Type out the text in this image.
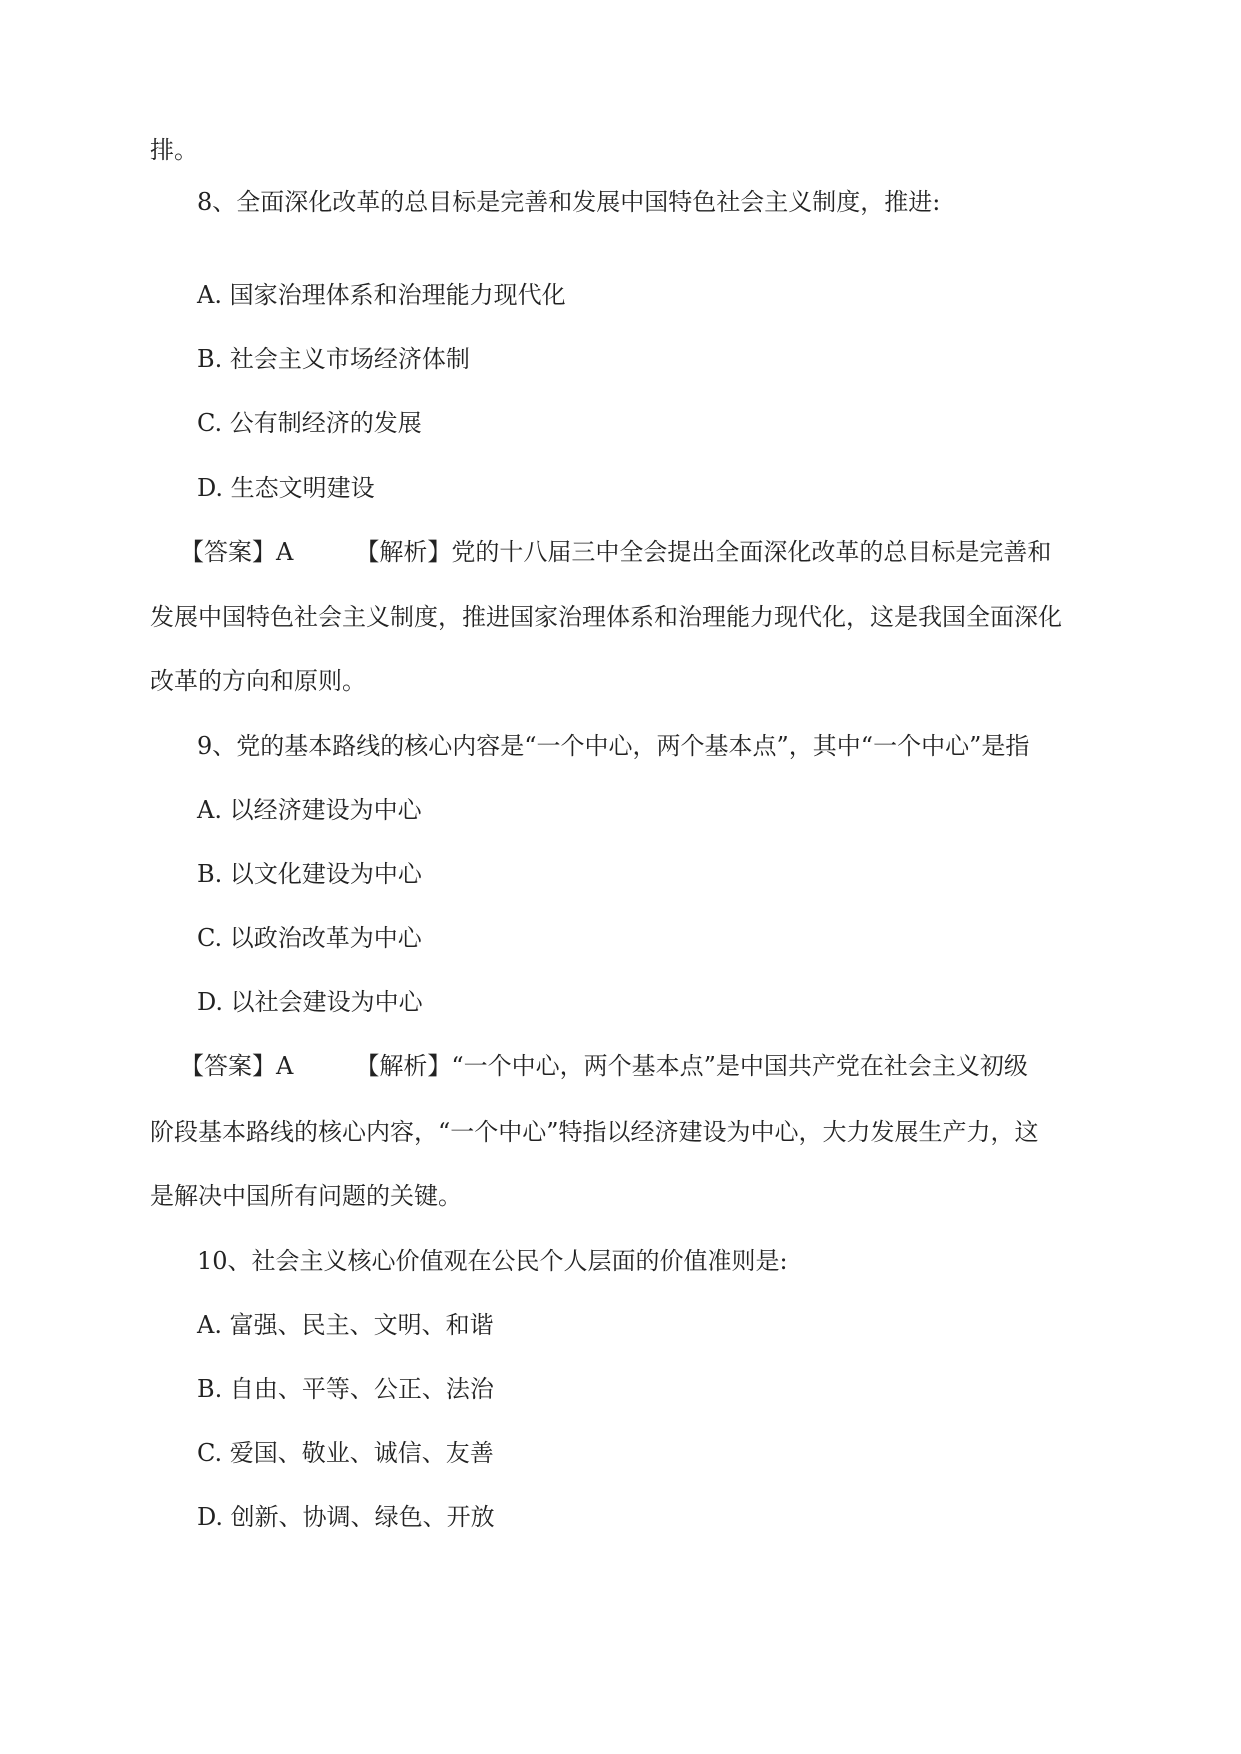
排。
8、全面深化改革的总目标是完善和发展中国特色社会主义制度，推进:
A. 国家治理体系和治理能力现代化
B. 社会主义市场经济体制
C. 公有制经济的发展
D. 生态文明建设
【答案】A	【解析】党的十八届三中全会提出全面深化改革的总目标是完善和
发展中国特色社会主义制度，推进国家治理体系和治理能力现代化，这是我国全面深化
改革的方向和原则。
9、党的基本路线的核心内容是“一个中心，两个基本点”，其中“一个中心”是指
A. 以经济建设为中心
B. 以文化建设为中心
C. 以政治改革为中心
D. 以社会建设为中心
【答案】A	【解析】“一个中心，两个基本点”是中国共产党在社会主义初级
阶段基本路线的核心内容，“一个中心”特指以经济建设为中心，大力发展生产力，这
是解决中国所有问题的关键。
10、社会主义核心价值观在公民个人层面的价值准则是:
A. 富强、民主、文明、和谐
B. 自由、平等、公正、法治
C. 爱国、敬业、诚信、友善
D. 创新、协调、绿色、开放
